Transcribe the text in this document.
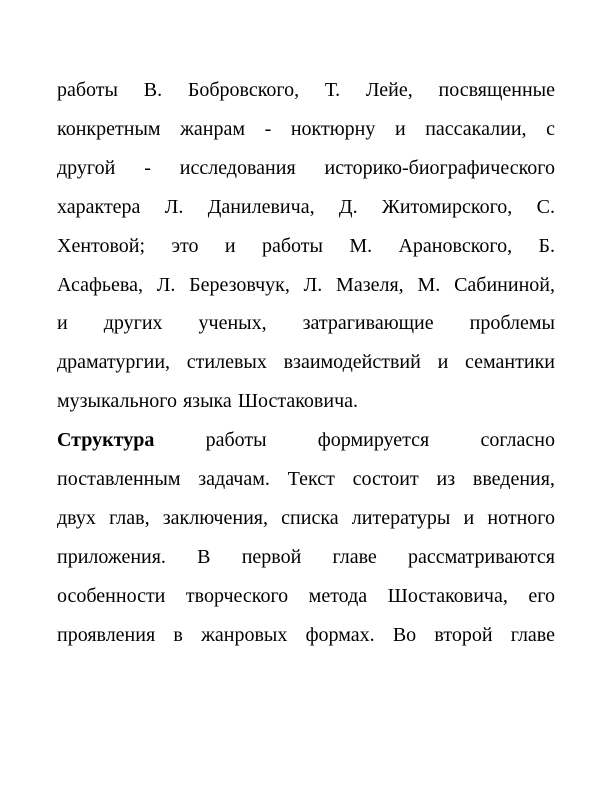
работы В. Бобровского, Т. Лейе, посвященные
конкретным жанрам - ноктюрну и пассакалии, с
другой - исследования историко-биографического
характера Л. Данилевича, Д. Житомирского, С.
Хентовой; это и работы М. Арановского, Б.
Асафьева, Л. Березовчук, Л. Мазеля, М. Сабининой,
и других ученых, затрагивающие проблемы
драматургии, стилевых взаимодействий и семантики
музыкального языка Шостаковича.
Структура	работы	формируется	согласно
поставленным задачам. Текст состоит из введения,
двух глав, заключения, списка литературы и нотного
приложения. В первой главе рассматриваются
особенности творческого метода Шостаковича, его
проявления в жанровых формах. Во второй главе
